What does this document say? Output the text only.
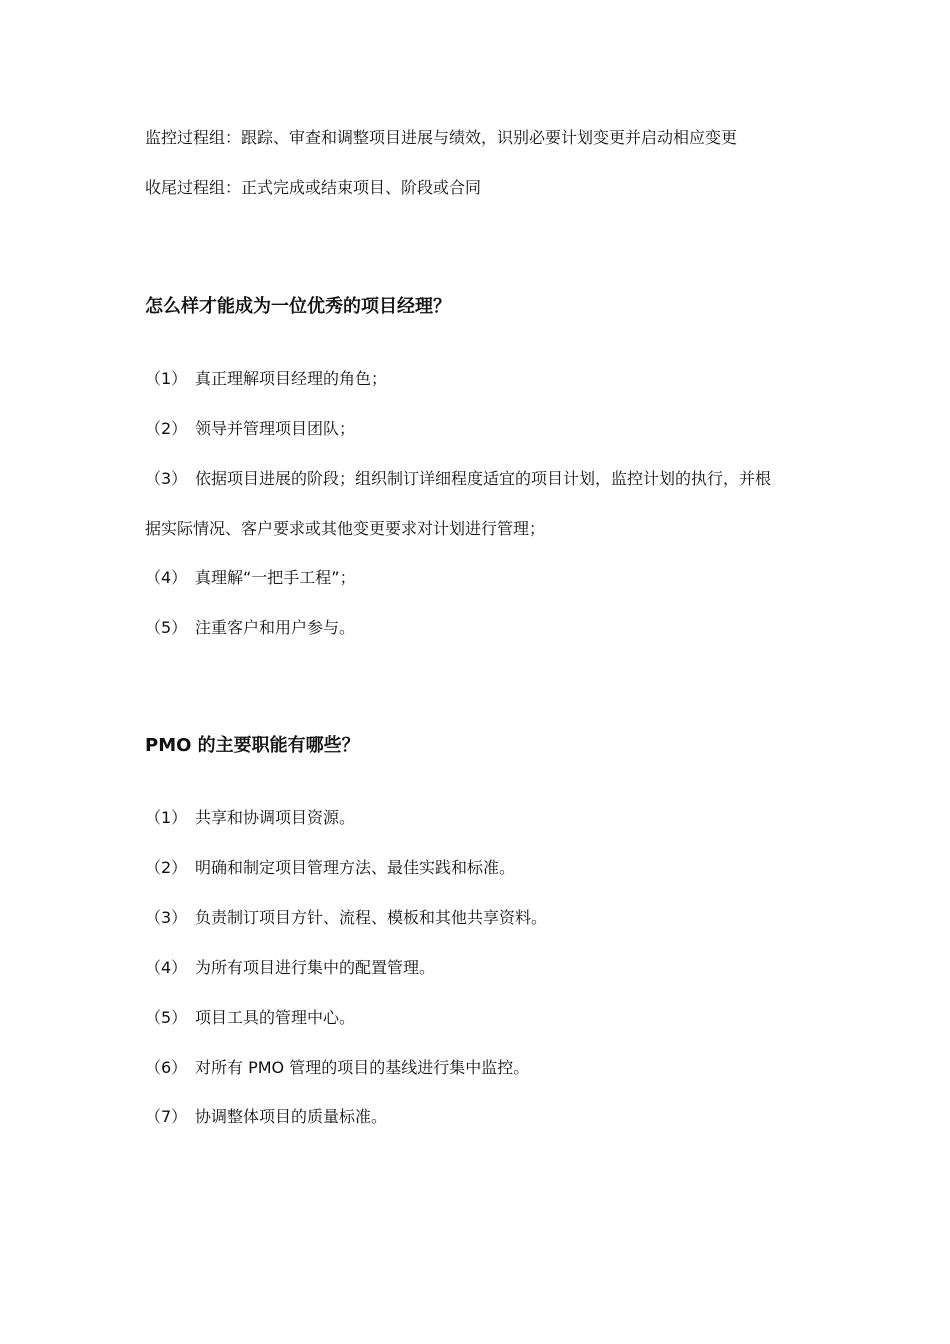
监控过程组：跟踪、审查和调整项目进展与绩效，识别必要计划变更并启动相应变更
收尾过程组：正式完成或结束项目、阶段或合同
怎么样才能成为一位优秀的项目经理？
（1） 真正理解项目经理的角色；
（2） 领导并管理项目团队；
（3） 依据项目进展的阶段；组织制订详细程度适宜的项目计划，监控计划的执行，并根
据实际情况、客户要求或其他变更要求对计划进行管理；
（4） 真理解“一把手工程”；
（5） 注重客户和用户参与。
PMO 的主要职能有哪些？
（1） 共享和协调项目资源。
（2） 明确和制定项目管理方法、最佳实践和标准。
（3） 负责制订项目方针、流程、模板和其他共享资料。
（4） 为所有项目进行集中的配置管理。
（5） 项目工具的管理中心。
（6） 对所有 PMO 管理的项目的基线进行集中监控。
（7） 协调整体项目的质量标准。
